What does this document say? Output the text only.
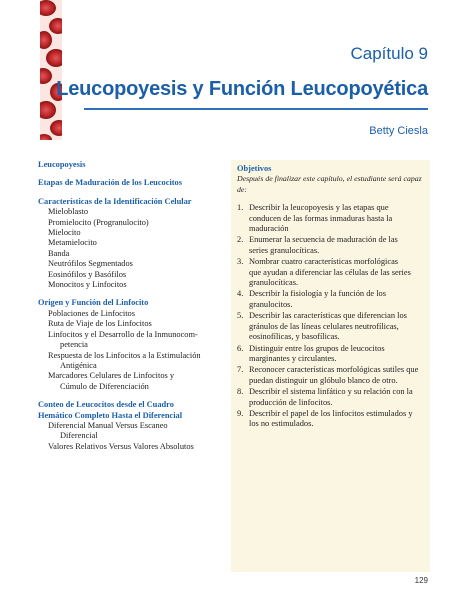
Capítulo 9
Leucopoyesis y Función Leucopoyética
Betty Ciesla
Leucopoyesis
Etapas de Maduración de los Leucocitos
Características de la Identificación Celular
Mieloblasto
Promielocito (Progranulocito)
Mielocito
Metamielocito
Banda
Neutrófilos Segmentados
Eosinófilos y Basófilos
Monocitos y Linfocitos
Origen y Función del Linfocito
Poblaciones de Linfocitos
Ruta de Viaje de los Linfocitos
Linfocitos y el Desarrollo de la Inmunocom-
petencia
Respuesta de los Linfocitos a la Estimulación
Antigénica
Marcadores Celulares de Linfocitos y
Cúmulo de Diferenciación
Conteo de Leucocitos desde el Cuadro
Hemático Completo Hasta el Diferencial
Diferencial Manual Versus Escaneo
Diferencial
Valores Relativos Versus Valores Absolutos
Objetivos
Después de finalizar este capítulo, el estudiante será capaz de:
1. Describir la leucopoyesis y las etapas que
conducen de las formas inmaduras hasta la
maduración
2. Enumerar la secuencia de maduración de las
series granulocíticas.
3. Nombrar cuatro características morfológicas
que ayudan a diferenciar las células de las series
granulocíticas.
4. Describir la fisiología y la función de los
granulocitos.
5. Describir las características que diferencian los
gránulos de las líneas celulares neutrofílicas,
eosinofílicas, y basofílicas.
6. Distinguir entre los grupos de leucocitos
marginantes y circulantes.
7. Reconocer características morfológicas sutiles que
puedan distinguir un glóbulo blanco de otro.
8. Describir el sistema linfático y su relación con la
producción de linfocitos.
9. Describir el papel de los linfocitos estimulados y
los no estimulados.
129
